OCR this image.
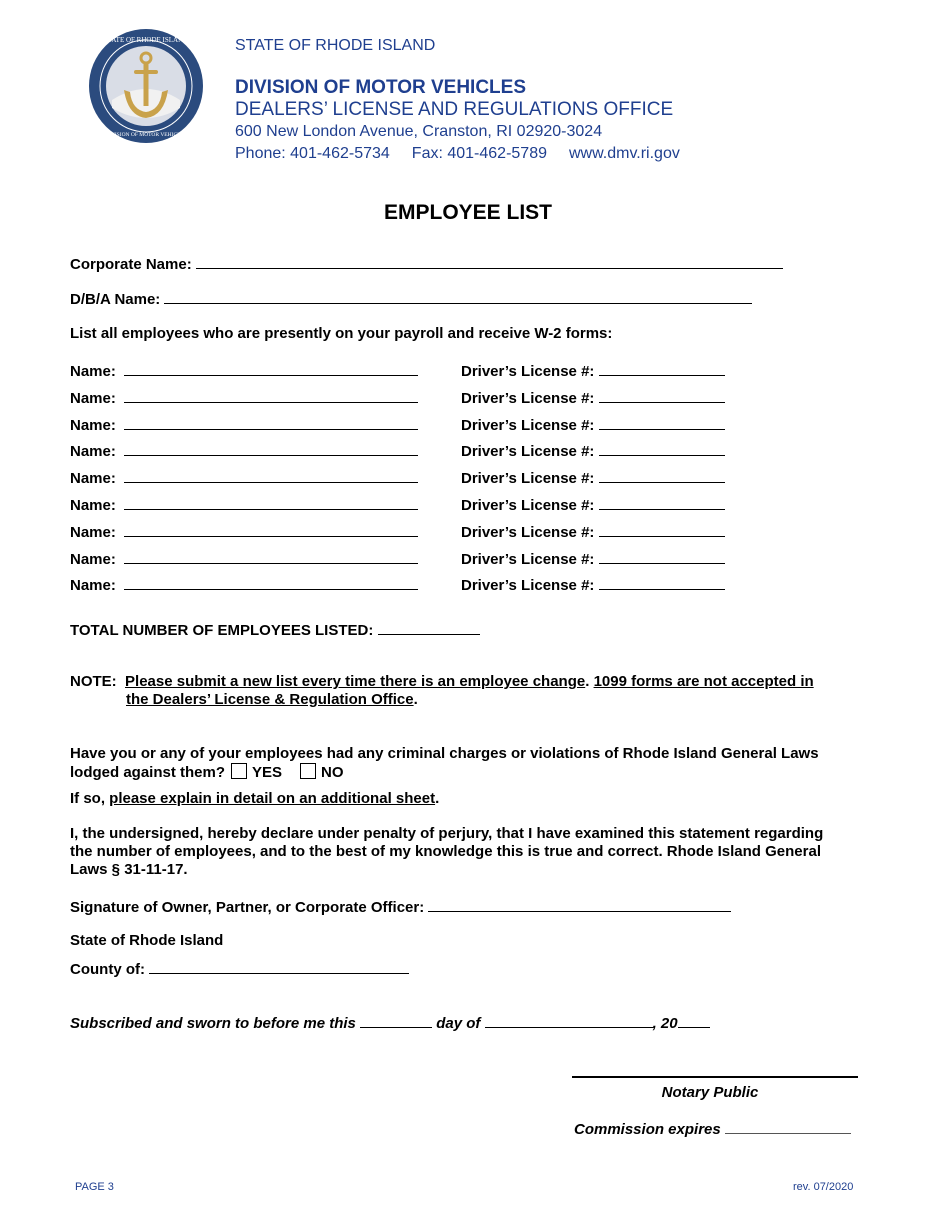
STATE OF RHODE ISLAND
DIVISION OF MOTOR VEHICLES
STATE OF RHODE ISLAND
DIVISION OF MOTOR VEHICLES
DEALERS’ LICENSE AND REGULATIONS OFFICE
600 New London Avenue, Cranston, RI 02920-3024
Phone: 401-462-5734 Fax: 401-462-5789 www.dmv.ri.gov
EMPLOYEE LIST
Corporate Name:
D/B/A Name:
List all employees who are presently on your payroll and receive W-2 forms:
Name:	Driver’s License #:
Name:	Driver’s License #:
Name:	Driver’s License #:
Name:	Driver’s License #:
Name:	Driver’s License #:
Name:	Driver’s License #:
Name:	Driver’s License #:
Name:	Driver’s License #:
Name:	Driver’s License #:
TOTAL NUMBER OF EMPLOYEES LISTED:
NOTE: Please submit a new list every time there is an employee change. 1099 forms are not accepted in
the Dealers’ License & Regulation Office.
Have you or any of your employees had any criminal charges or violations of Rhode Island General Laws
lodged against them? YES	NO
If so, please explain in detail on an additional sheet.
I, the undersigned, hereby declare under penalty of perjury, that I have examined this statement regarding
the number of employees, and to the best of my knowledge this is true and correct. Rhode Island General
Laws § 31-11-17.
Signature of Owner, Partner, or Corporate Officer:
State of Rhode Island
County of:
Subscribed and sworn to before me this	day of	, 20
Notary Public
Commission expires
PAGE 3	rev. 07/2020
